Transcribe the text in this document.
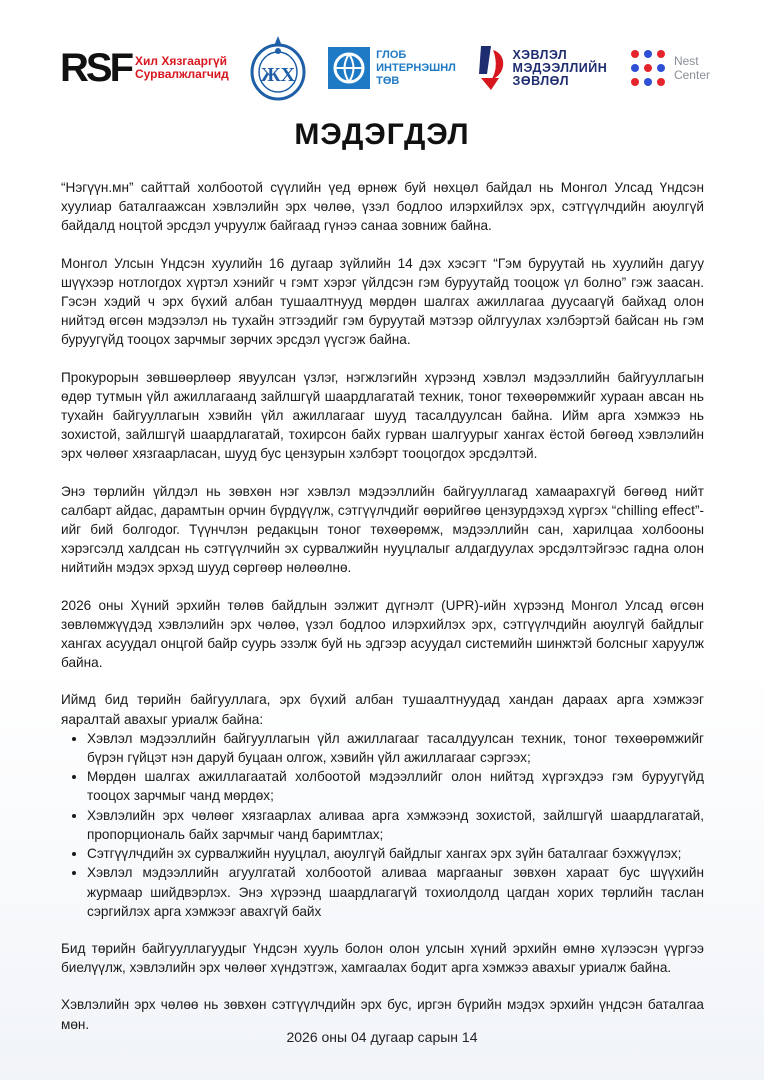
RSF Хил Хязгааргүй
Сурвалжлагчид ЖХ
ГЛОБ
ИНТЕРНЭШНЛ
ТӨВ
ХЭВЛЭЛ
МЭДЭЭЛЛИЙН
ЗӨВЛӨЛ
Nest
Center
МЭДЭГДЭЛ

“Нэгүүн.мн” сайттай холбоотой сүүлийн үед өрнөж буй нөхцөл байдал нь Монгол Улсад Үндсэн хуулиар баталгаажсан хэвлэлийн эрх чөлөө, үзэл бодлоо илэрхийлэх эрх, сэтгүүлчдийн аюулгүй байдалд ноцтой эрсдэл учруулж байгаад гүнээ санаа зовниж байна.

Монгол Улсын Үндсэн хуулийн 16 дугаар зүйлийн 14 дэх хэсэгт “Гэм буруутай нь хуулийн дагуу шүүхээр нотлогдох хүртэл хэнийг ч гэмт хэрэг үйлдсэн гэм буруутайд тооцож үл болно” гэж заасан. Гэсэн хэдий ч эрх бүхий албан тушаалтнууд мөрдөн шалгах ажиллагаа дуусаагүй байхад олон нийтэд өгсөн мэдээлэл нь тухайн этгээдийг гэм буруутай мэтээр ойлгуулах хэлбэртэй байсан нь гэм буруугүйд тооцох зарчмыг зөрчих эрсдэл үүсгэж байна.

Прокурорын зөвшөөрлөөр явуулсан үзлэг, нэгжлэгийн хүрээнд хэвлэл мэдээллийн байгууллагын өдөр тутмын үйл ажиллагаанд зайлшгүй шаардлагатай техник, тоног төхөөрөмжийг хураан авсан нь тухайн байгууллагын хэвийн үйл ажиллагааг шууд тасалдуулсан байна. Ийм арга хэмжээ нь зохистой, зайлшгүй шаардлагатай, тохирсон байх гурван шалгуурыг хангах ёстой бөгөөд хэвлэлийн эрх чөлөөг хязгаарласан, шууд бус цензурын хэлбэрт тооцогдох эрсдэлтэй.

Энэ төрлийн үйлдэл нь зөвхөн нэг хэвлэл мэдээллийн байгууллагад хамаарахгүй бөгөөд нийт салбарт айдас, дарамтын орчин бүрдүүлж, сэтгүүлчдийг өөрийгөө цензурдэхэд хүргэх “chilling effect”-ийг бий болгодог. Түүнчлэн редакцын тоног төхөөрөмж, мэдээллийн сан, харилцаа холбооны хэрэгсэлд халдсан нь сэтгүүлчийн эх сурвалжийн нууцлалыг алдагдуулах эрсдэлтэйгээс гадна олон нийтийн мэдэх эрхэд шууд сөргөөр нөлөөлнө.

2026 оны Хүний эрхийн төлөв байдлын ээлжит дүгнэлт (UPR)-ийн хүрээнд Монгол Улсад өгсөн зөвлөмжүүдэд хэвлэлийн эрх чөлөө, үзэл бодлоо илэрхийлэх эрх, сэтгүүлчдийн аюулгүй байдлыг хангах асуудал онцгой байр суурь эзэлж буй нь эдгээр асуудал системийн шинжтэй болсныг харуулж байна.

Иймд бид төрийн байгууллага, эрх бүхий албан тушаалтнуудад хандан дараах арга хэмжээг яаралтай авахыг уриалж байна:

• Хэвлэл мэдээллийн байгууллагын үйл ажиллагааг тасалдуулсан техник, тоног төхөөрөмжийг бүрэн гүйцэт нэн даруй буцаан олгож, хэвийн үйл ажиллагааг сэргээх;
• Мөрдөн шалгах ажиллагаатай холбоотой мэдээллийг олон нийтэд хүргэхдээ гэм буруугүйд тооцох зарчмыг чанд мөрдөх;
• Хэвлэлийн эрх чөлөөг хязгаарлах аливаа арга хэмжээнд зохистой, зайлшгүй шаардлагатай, пропорциональ байх зарчмыг чанд баримтлах;
• Сэтгүүлчдийн эх сурвалжийн нууцлал, аюулгүй байдлыг хангах эрх зүйн баталгааг бэхжүүлэх;
• Хэвлэл мэдээллийн агуулгатай холбоотой аливаа маргааныг зөвхөн хараат бус шүүхийн журмаар шийдвэрлэх. Энэ хүрээнд шаардлагагүй тохиолдолд цагдан хорих төрлийн таслан сэргийлэх арга хэмжээг авахгүй байх

Бид төрийн байгууллагуудыг Үндсэн хууль болон олон улсын хүний эрхийн өмнө хүлээсэн үүргээ биелүүлж, хэвлэлийн эрх чөлөөг хүндэтгэж, хамгаалах бодит арга хэмжээ авахыг уриалж байна.

Хэвлэлийн эрх чөлөө нь зөвхөн сэтгүүлчдийн эрх бус, иргэн бүрийн мэдэх эрхийн үндсэн баталгаа мөн.

2026 оны 04 дугаар сарын 14
